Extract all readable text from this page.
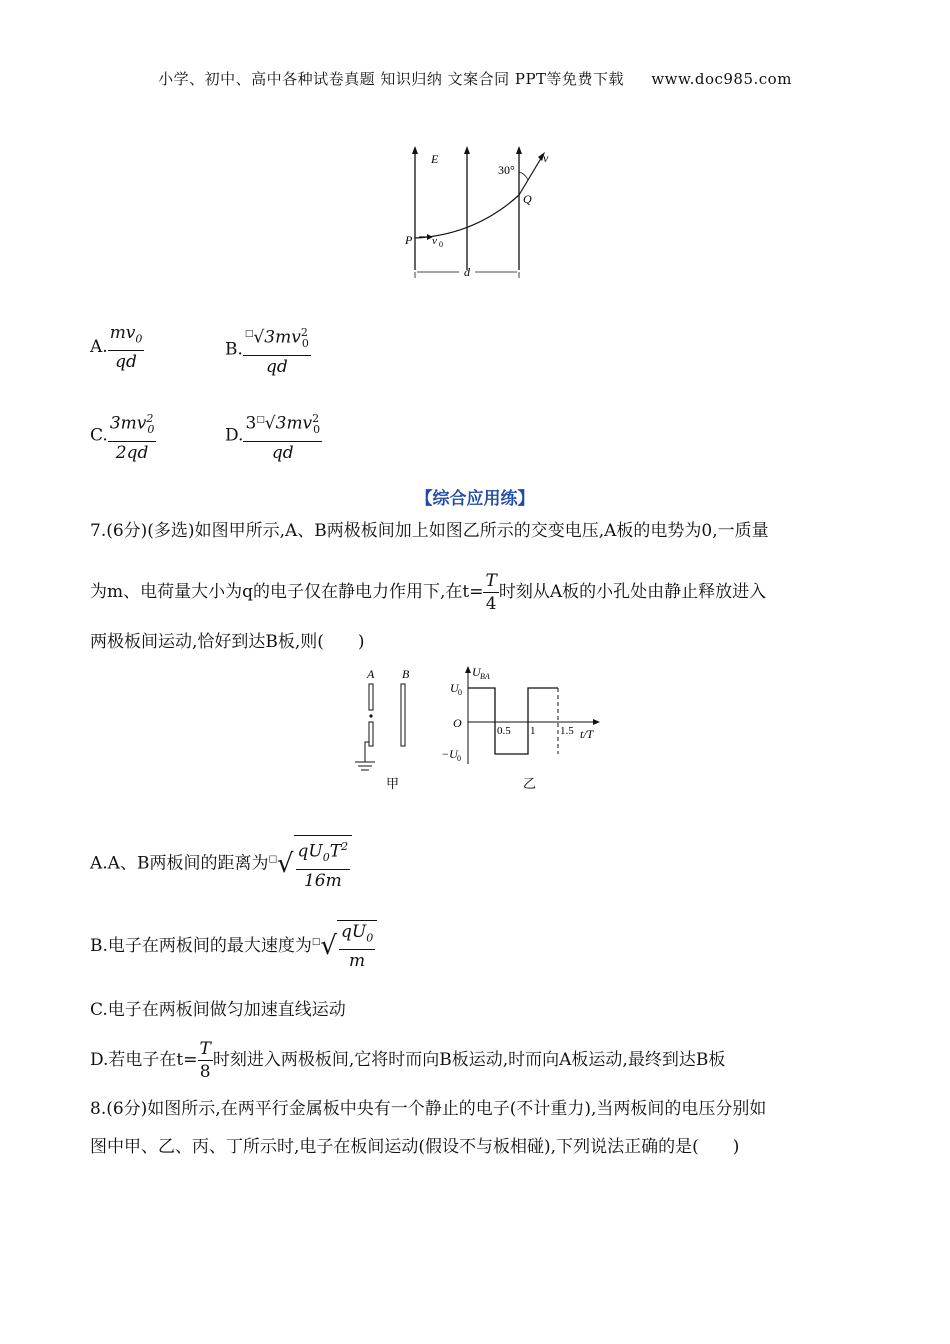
小学、初中、高中各种试卷真题 知识归纳 文案合同 PPT等免费下载 www.doc985.com
E
30°
v
Q
P v 0
d
A. $\frac{mv_0}{qd}$	B. $\frac{^□√3mv^2_0}{qd}$
C. $\frac{3mv^2_0}{2qd}$	D. $\frac{3^□√3mv^2_0}{qd}$
【综合应用练】
7.(6分)(多选)如图甲所示,A、B两极板间加上如图乙所示的交变电压,A板的电势为0,一质量
为m、电荷量大小为q的电子仅在静电力作用下,在$t= \frac{T}{4}$ 时刻从A板的小孔处由静止释放进入
两极板间运动,恰好到达B板,则(　　)
A B
甲
U BA
U 0
O
−U 0
0.5 1 1.5 t/T
乙
A.A、B两板间的距离为$^□√ \frac{qU_0T^2}{16m}$
B.电子在两板间的最大速度为$^□√ \frac{qU_0}{m}$
C.电子在两板间做匀加速直线运动
D.若电子在$t= \frac{T}{8}$ 时刻进入两极板间,它将时而向B板运动,时而向A板运动,最终到达B板
8.(6分)如图所示,在两平行金属板中央有一个静止的电子(不计重力),当两板间的电压分别如
图中甲、乙、丙、丁所示时,电子在板间运动(假设不与板相碰),下列说法正确的是(　　)
